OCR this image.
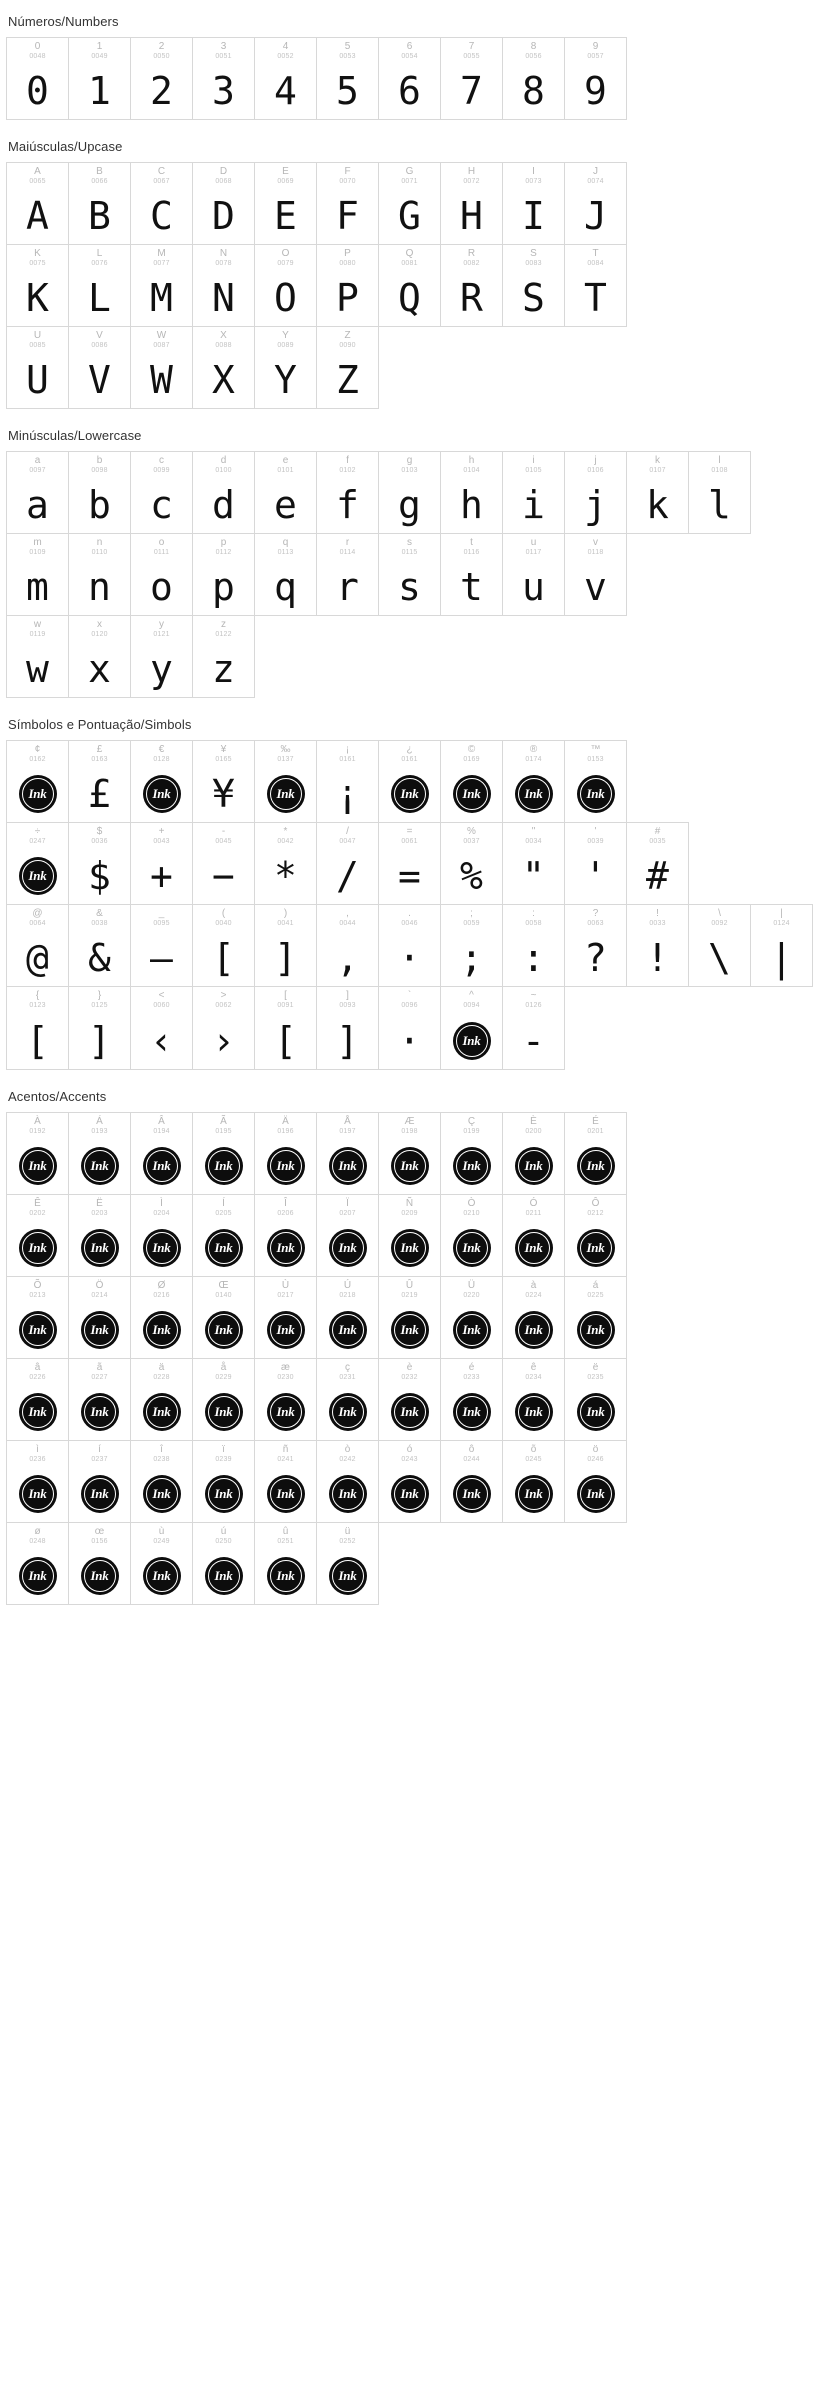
Números/Numbers
0
0048
0
1
0049
1
2
0050
2
3
0051
3
4
0052
4
5
0053
5
6
0054
6
7
0055
7
8
0056
8
9
0057
9
Maiúsculas/Upcase
A
0065
A
B
0066
B
C
0067
C
D
0068
D
E
0069
E
F
0070
F
G
0071
G
H
0072
H
I
0073
I
J
0074
J
K
0075
K
L
0076
L
M
0077
M
N
0078
N
O
0079
O
P
0080
P
Q
0081
Q
R
0082
R
S
0083
S
T
0084
T
U
0085
U
V
0086
V
W
0087
W
X
0088
X
Y
0089
Y
Z
0090
Z
Minúsculas/Lowercase
a
0097
a
b
0098
b
c
0099
c
d
0100
d
e
0101
e
f
0102
f
g
0103
g
h
0104
h
i
0105
i
j
0106
j
k
0107
k
l
0108
l
m
0109
m
n
0110
n
o
0111
o
p
0112
p
q
0113
q
r
0114
r
s
0115
s
t
0116
t
u
0117
u
v
0118
v
w
0119
w
x
0120
x
y
0121
y
z
0122
z
Símbolos e Pontuação/Simbols
¢
0162
Ink
£
0163
£
€
0128
Ink
¥
0165
¥
‰
0137
Ink
¡
0161
¡
¿
0161
Ink
©
0169
Ink
®
0174
Ink
™
0153
Ink
÷
0247
Ink
$
0036
$
+
0043
+
-
0045
−
*
0042
*
/
0047
/
=
0061
=
%
0037
%
"
0034
"
'
0039
'
#
0035
#
@
0064
@
&
0038
&
_
0095
—
(
0040
[
)
0041
]
,
0044
,
.
0046
·
;
0059
;
:
0058
:
?
0063
?
!
0033
!
\
0092
\
|
0124
|
{
0123
[
}
0125
]
<
0060
‹
>
0062
›
[
0091
[
]
0093
]
`
0096
·
^
0094
Ink
~
0126
-
Acentos/Accents
À
0192
Ink
Á
0193
Ink
Â
0194
Ink
Ã
0195
Ink
Ä
0196
Ink
Å
0197
Ink
Æ
0198
Ink
Ç
0199
Ink
È
0200
Ink
É
0201
Ink
Ê
0202
Ink
Ë
0203
Ink
Ì
0204
Ink
Í
0205
Ink
Î
0206
Ink
Ï
0207
Ink
Ñ
0209
Ink
Ò
0210
Ink
Ó
0211
Ink
Ô
0212
Ink
Õ
0213
Ink
Ö
0214
Ink
Ø
0216
Ink
Œ
0140
Ink
Ù
0217
Ink
Ú
0218
Ink
Û
0219
Ink
Ü
0220
Ink
à
0224
Ink
á
0225
Ink
â
0226
Ink
ã
0227
Ink
ä
0228
Ink
å
0229
Ink
æ
0230
Ink
ç
0231
Ink
è
0232
Ink
é
0233
Ink
ê
0234
Ink
ë
0235
Ink
ì
0236
Ink
í
0237
Ink
î
0238
Ink
ï
0239
Ink
ñ
0241
Ink
ò
0242
Ink
ó
0243
Ink
ô
0244
Ink
õ
0245
Ink
ö
0246
Ink
ø
0248
Ink
œ
0156
Ink
ù
0249
Ink
ú
0250
Ink
û
0251
Ink
ü
0252
Ink
